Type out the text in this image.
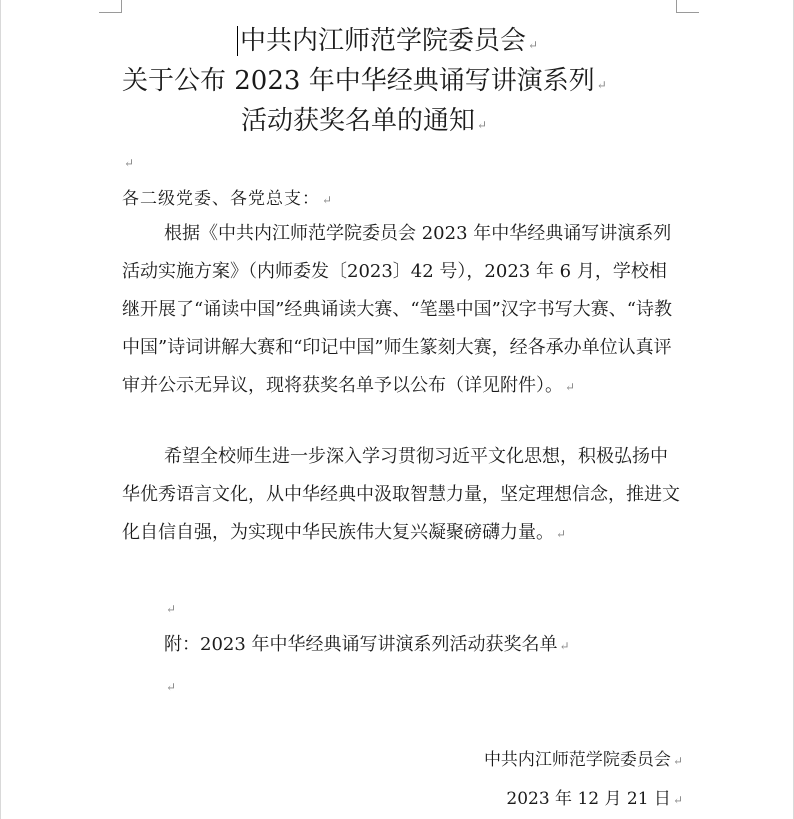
中共内江师范学院委员会 ↵
关于公布 2023 年中华经典诵写讲演系列 ↵
活动获奖名单的通知 ↵
↵
各二级党委、各党总支： ↵
根据《中共内江师范学院委员会 2023 年中华经典诵写讲演系列活动实施方案》（内师委发〔2023〕42 号），2023 年 6 月，学校相继开展了“诵读中国”经典诵读大赛、“笔墨中国”汉字书写大赛、“诗教中国”诗词讲解大赛和“印记中国”师生篆刻大赛，经各承办单位认真评审并公示无异议，现将获奖名单予以公布（详见附件）。 ↵
希望全校师生进一步深入学习贯彻习近平文化思想，积极弘扬中华优秀语言文化，从中华经典中汲取智慧力量，坚定理想信念，推进文化自信自强，为实现中华民族伟大复兴凝聚磅礴力量。 ↵
↵
附：2023 年中华经典诵写讲演系列活动获奖名单 ↵
↵
中共内江师范学院委员会 ↵
2023 年 12 月 21 日 ↵
